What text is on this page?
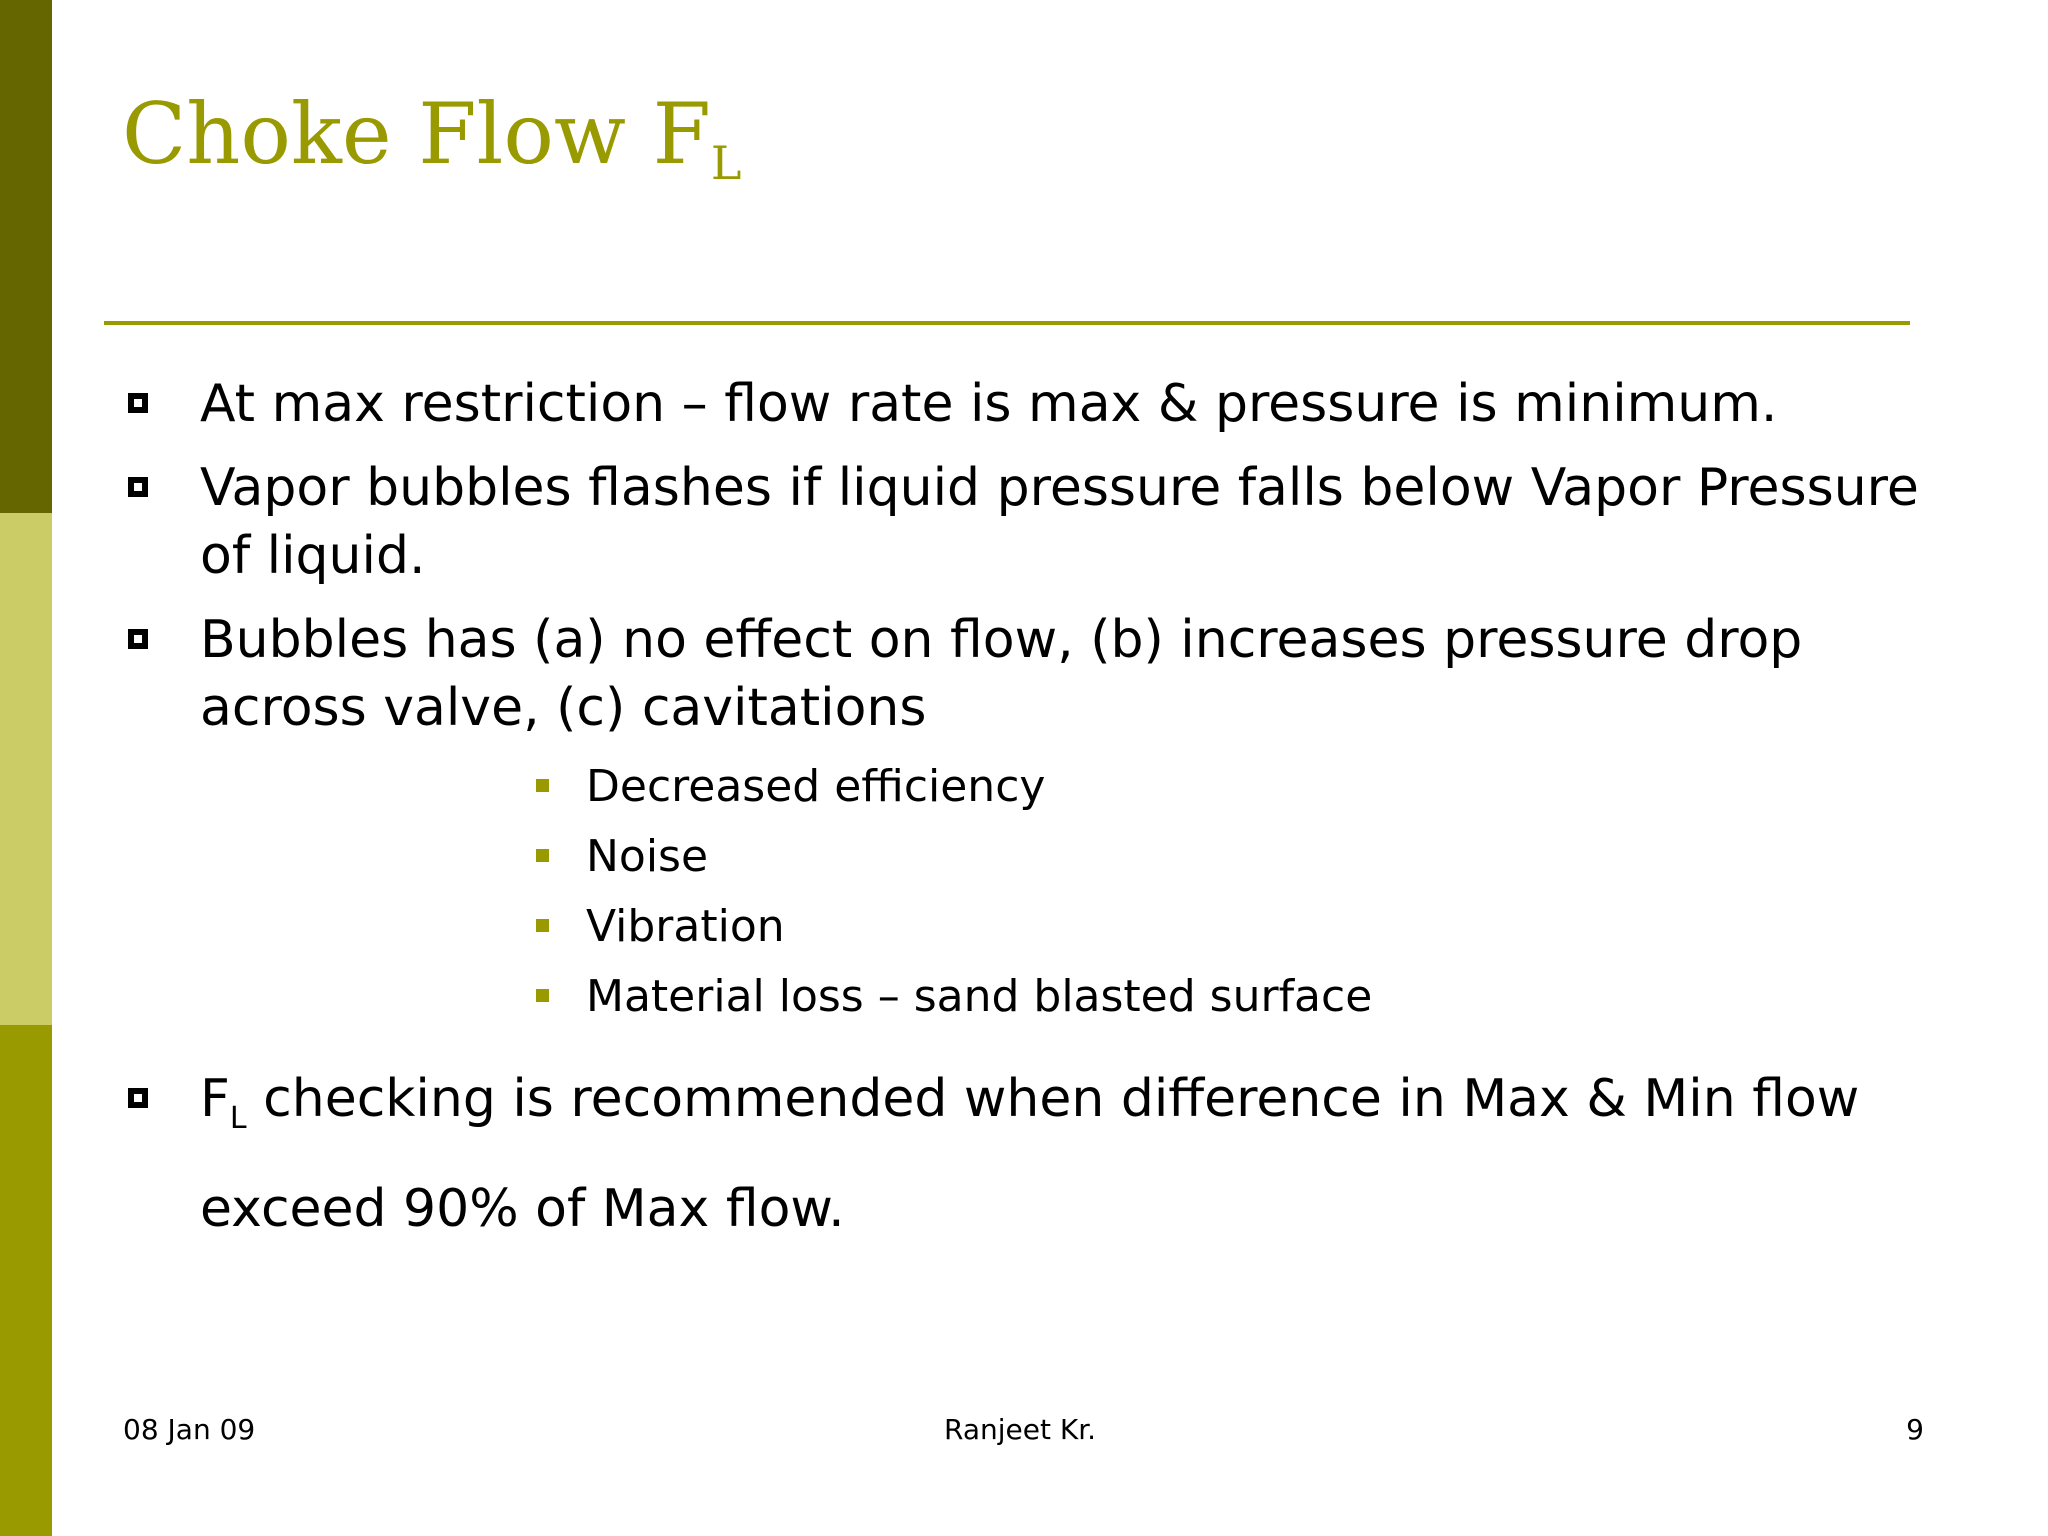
Choke Flow $F_L$
At max restriction – flow rate is max & pressure is minimum.
Vapor bubbles flashes if liquid pressure falls below Vapor Pressure of liquid.
Bubbles has (a) no effect on flow, (b) increases pressure drop across valve, (c) cavitations
Decreased efficiency
Noise
Vibration
Material loss – sand blasted surface
$F_L$ checking is recommended when difference in Max & Min flow exceed 90% of Max flow.
08 Jan 09	Ranjeet Kr.	9
